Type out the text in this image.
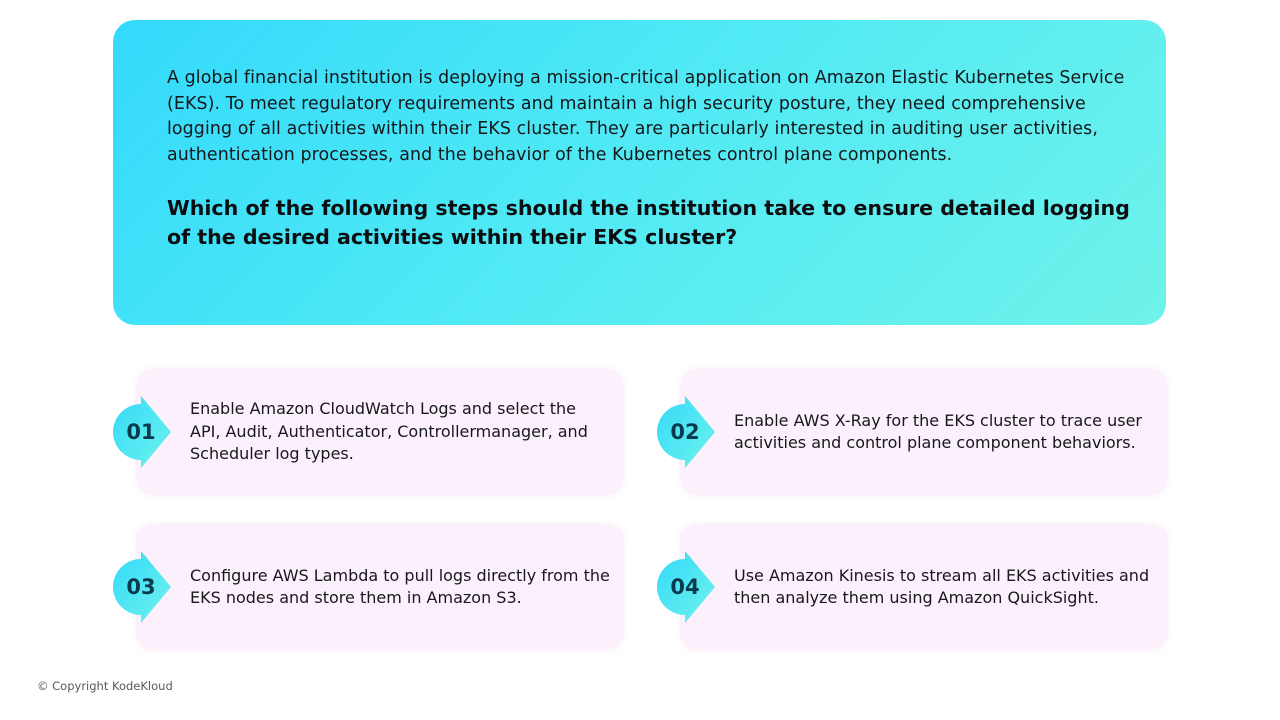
A global financial institution is deploying a mission-critical application on Amazon Elastic Kubernetes Service (EKS). To meet regulatory requirements and maintain a high security posture, they need comprehensive logging of all activities within their EKS cluster. They are particularly interested in auditing user activities, authentication processes, and the behavior of the Kubernetes control plane components.

Which of the following steps should the institution take to ensure detailed logging of the desired activities within their EKS cluster?

01
Enable Amazon CloudWatch Logs and select the API, Audit, Authenticator, Controllermanager, and Scheduler log types.
02	Enable AWS X-Ray for the EKS cluster to trace user activities and control plane component behaviors.
03	Configure AWS Lambda to pull logs directly from the EKS nodes and store them in Amazon S3.	04	Use Amazon Kinesis to stream all EKS activities and then analyze them using Amazon QuickSight.
© Copyright KodeKloud
